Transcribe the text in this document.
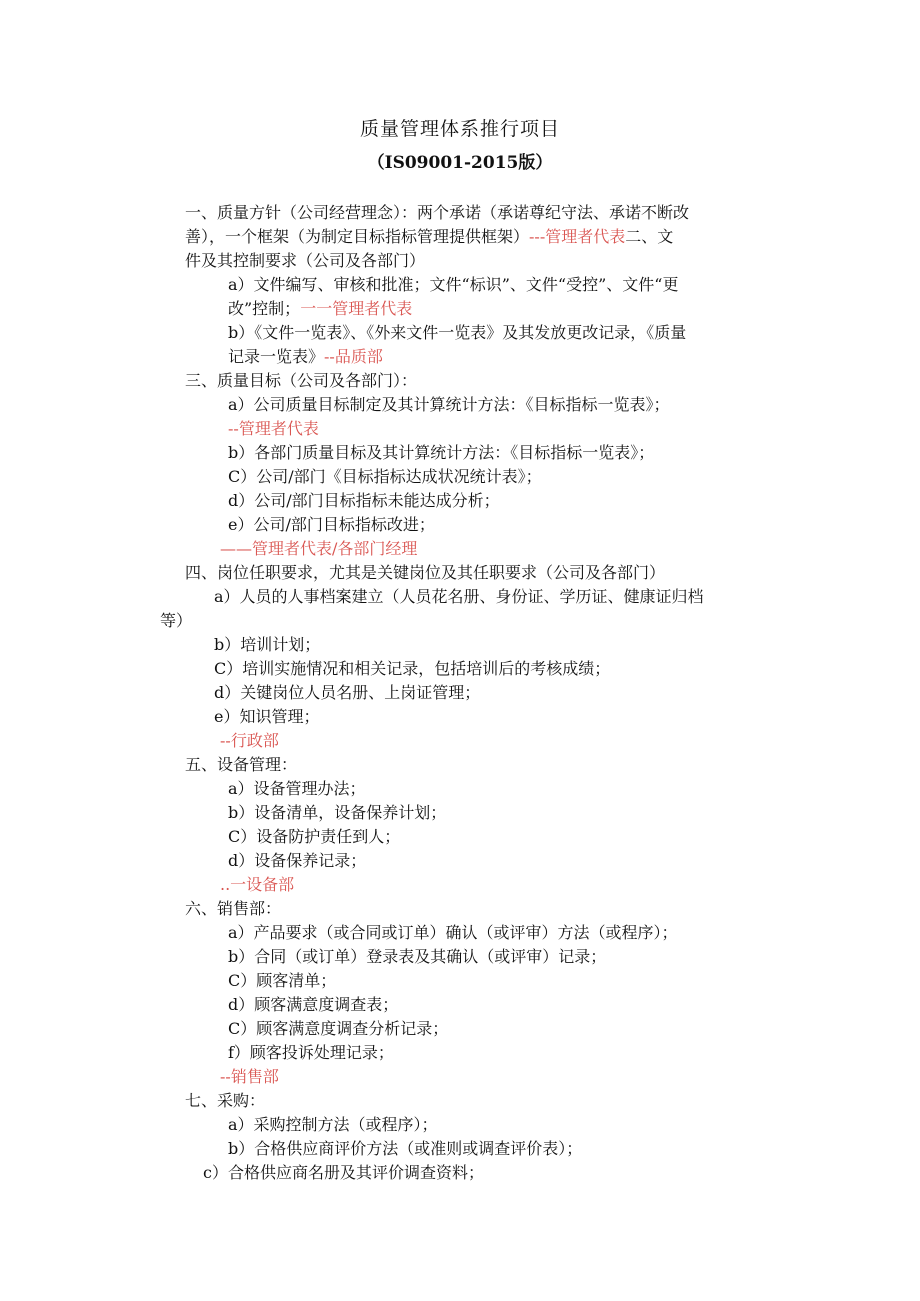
质量管理体系推行项目
（IS09001-2015版）
一、质量方针（公司经营理念）：两个承诺（承诺尊纪守法、承诺不断改
善），一个框架（为制定目标指标管理提供框架）---管理者代表二、文
件及其控制要求（公司及各部门）
a）文件编写、审核和批准；文件“标识”、文件“受控”、文件“更
改”控制；一一管理者代表
b）《文件一览表》、《外来文件一览表》及其发放更改记录，《质量
记录一览表》--品质部
三、质量目标（公司及各部门）：
a）公司质量目标制定及其计算统计方法：《目标指标一览表》；
--管理者代表
b）各部门质量目标及其计算统计方法：《目标指标一览表》；
C）公司/部门《目标指标达成状况统计表》；
d）公司/部门目标指标未能达成分析；
e）公司/部门目标指标改进；
——管理者代表/各部门经理
四、岗位任职要求，尤其是关键岗位及其任职要求（公司及各部门）
a）人员的人事档案建立（人员花名册、身份证、学历证、健康证归档
等）
b）培训计划；
C）培训实施情况和相关记录，包括培训后的考核成绩；
d）关键岗位人员名册、上岗证管理；
e）知识管理；
--行政部
五、设备管理：
a）设备管理办法；
b）设备清单，设备保养计划；
C）设备防护责任到人；
d）设备保养记录；
..一设备部
六、销售部：
a）产品要求（或合同或订单）确认（或评审）方法（或程序）；
b）合同（或订单）登录表及其确认（或评审）记录；
C）顾客清单；
d）顾客满意度调查表；
C）顾客满意度调查分析记录；
f）顾客投诉处理记录；
--销售部
七、采购：
a）采购控制方法（或程序）；
b）合格供应商评价方法（或准则或调查评价表）；
c）合格供应商名册及其评价调查资料；
